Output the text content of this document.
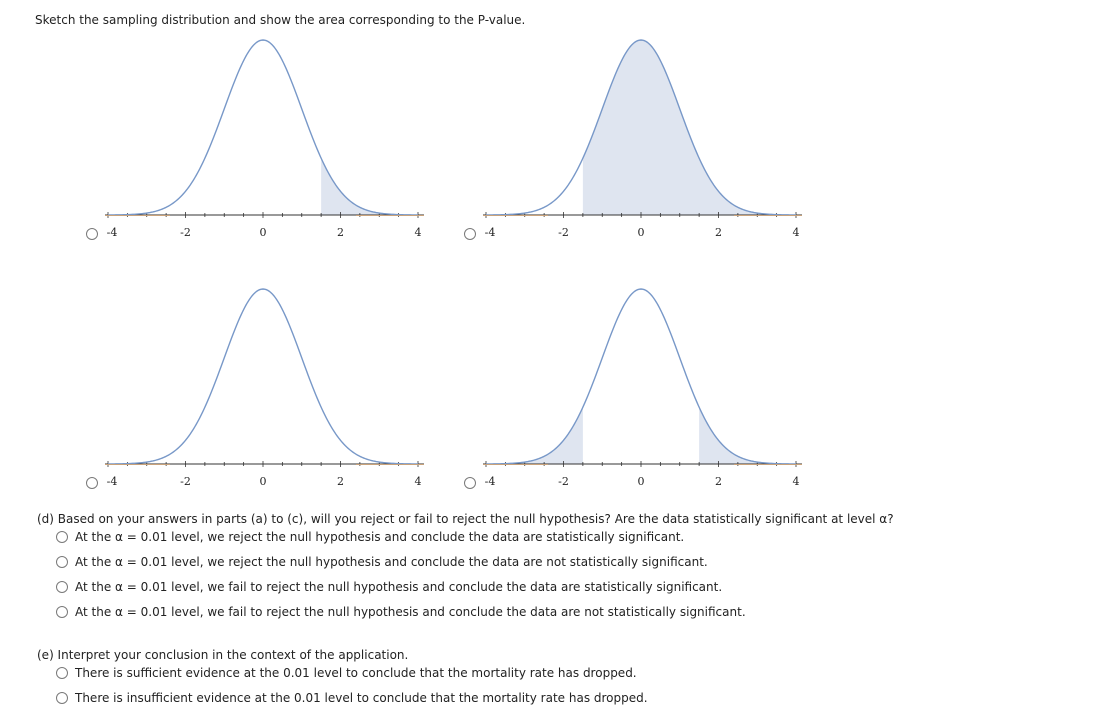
Sketch the sampling distribution and show the area corresponding to the P-value.
-4	-2	0	2	4	-4	-2	0	2	4
-4	-2	0	2	4	-4	-2	0	2	4
(d) Based on your answers in parts (a) to (c), will you reject or fail to reject the null hypothesis? Are the data statistically significant at level α?
At the α = 0.01 level, we reject the null hypothesis and conclude the data are statistically significant.
At the α = 0.01 level, we reject the null hypothesis and conclude the data are not statistically significant.
At the α = 0.01 level, we fail to reject the null hypothesis and conclude the data are statistically significant.
At the α = 0.01 level, we fail to reject the null hypothesis and conclude the data are not statistically significant.
(e) Interpret your conclusion in the context of the application.
There is sufficient evidence at the 0.01 level to conclude that the mortality rate has dropped.
There is insufficient evidence at the 0.01 level to conclude that the mortality rate has dropped.
